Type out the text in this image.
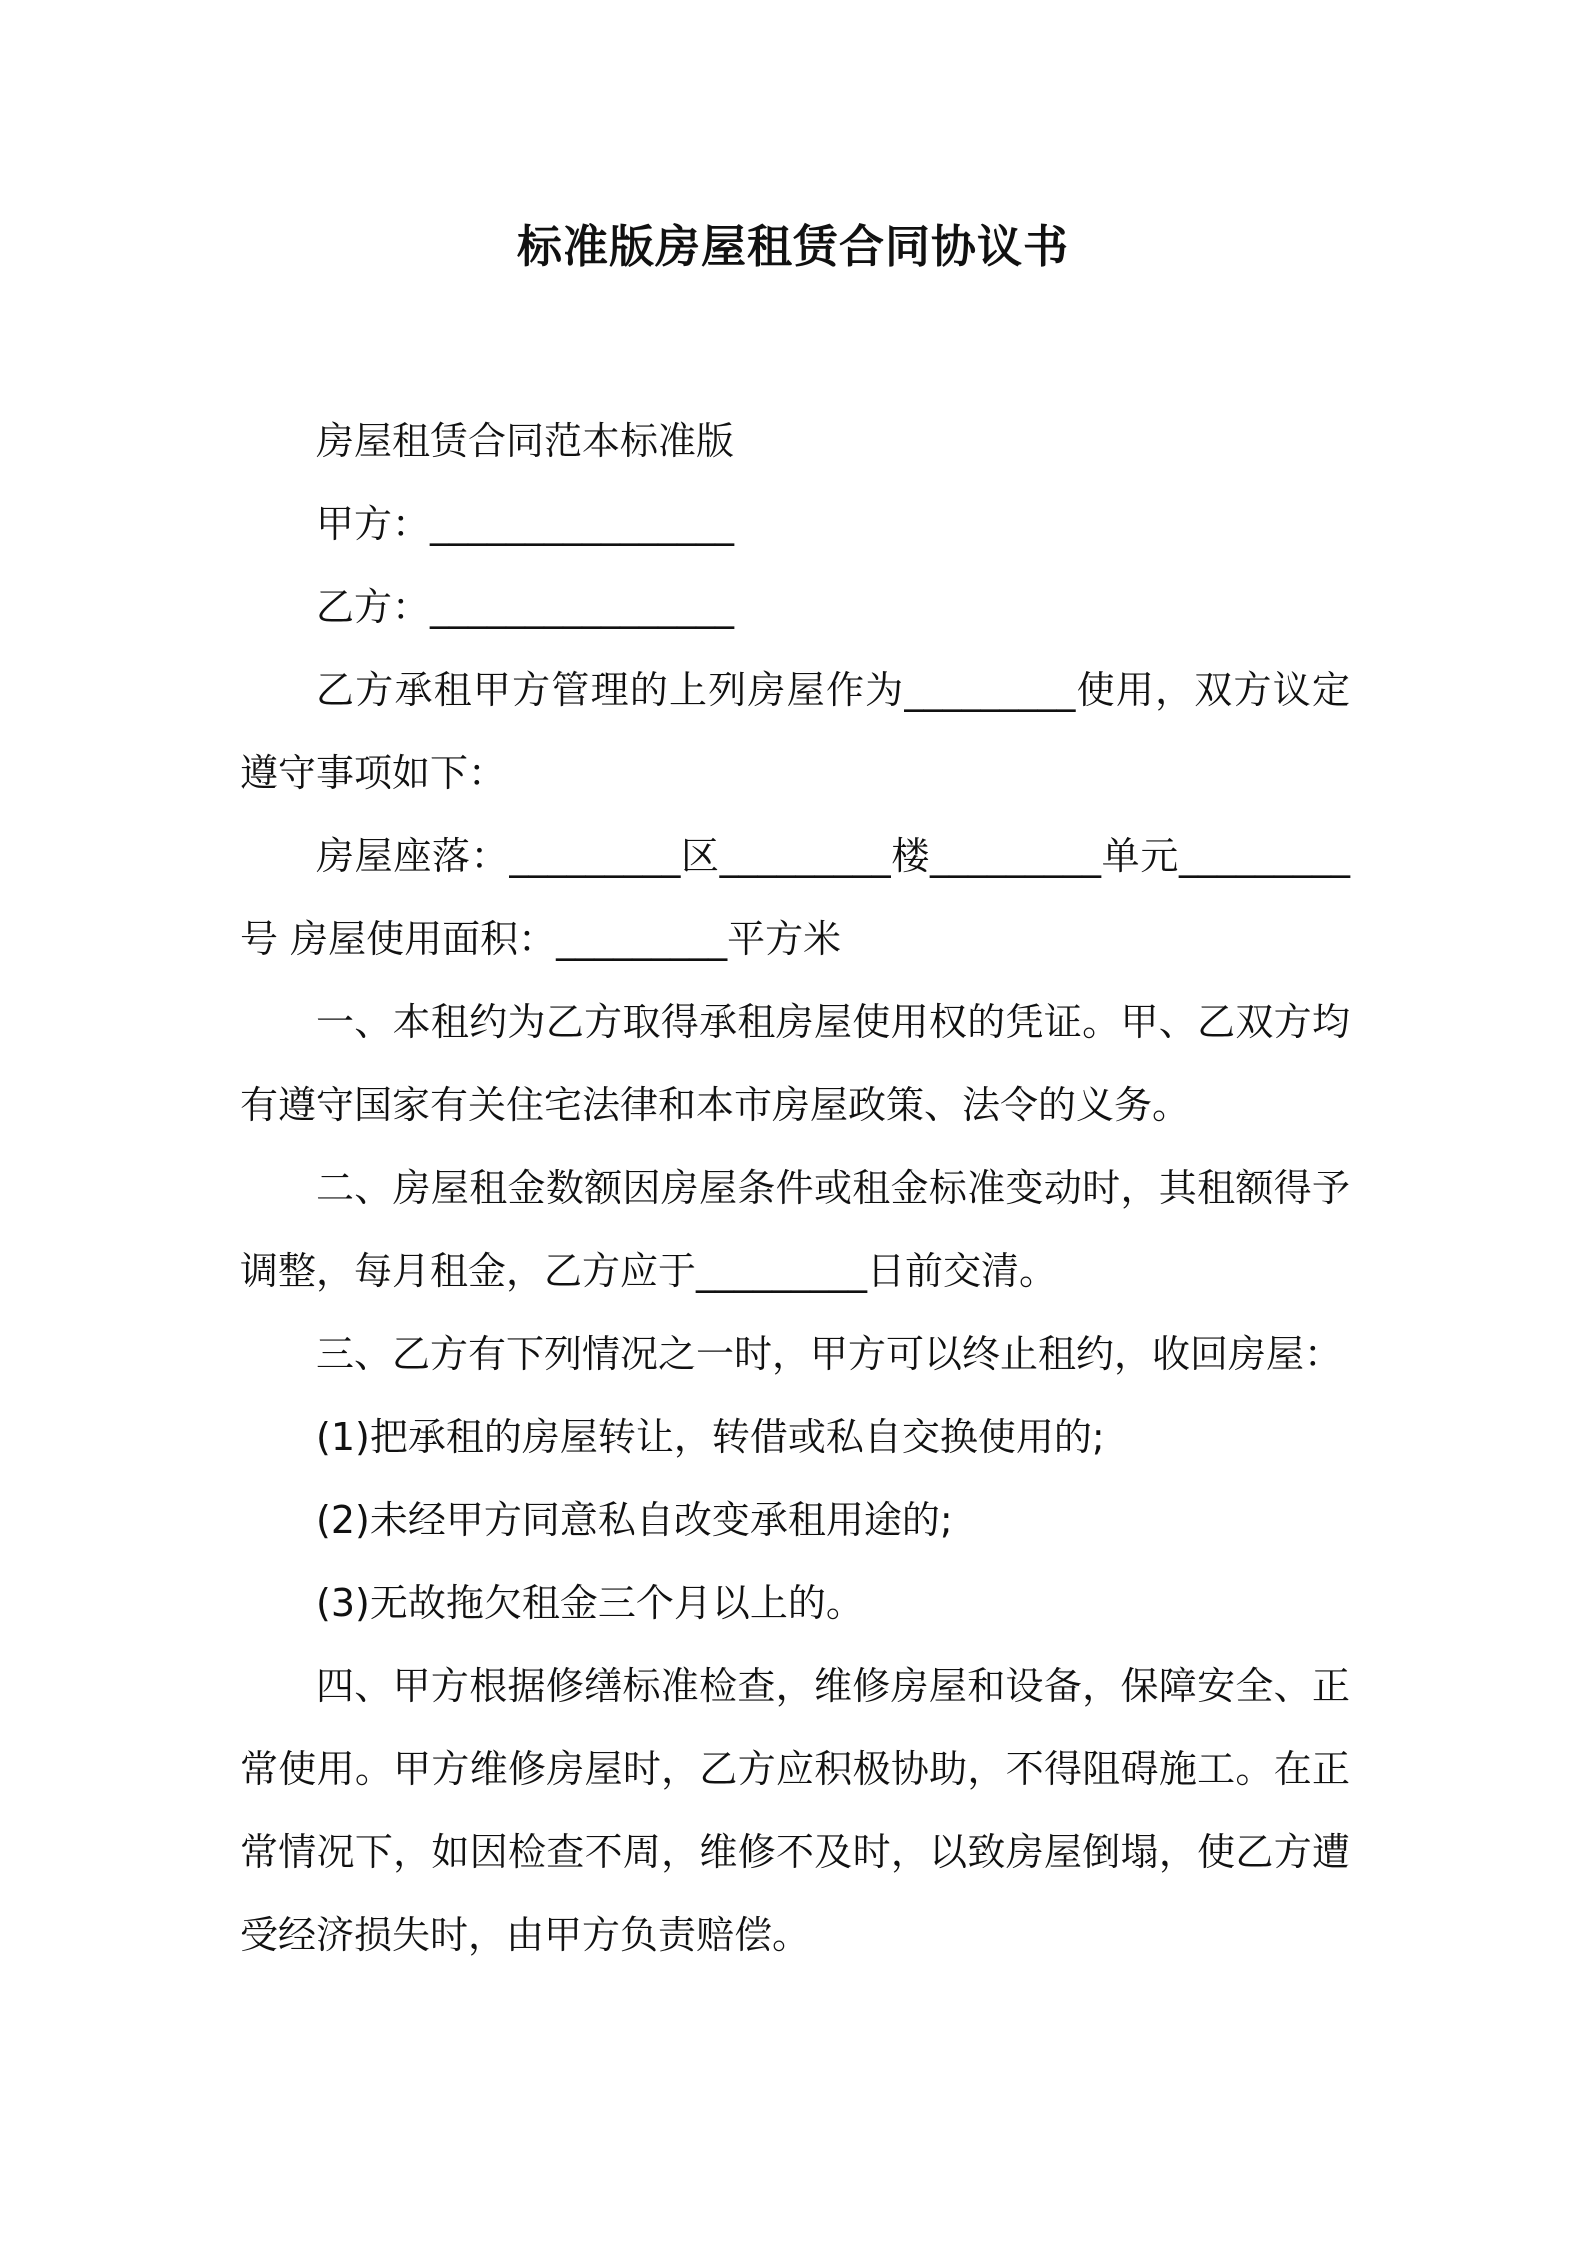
标准版房屋租赁合同协议书

房屋租赁合同范本标准版

甲方：________________

乙方：________________

乙方承租甲方管理的上列房屋作为_________使用，双方议定遵守事项如下：

房屋座落：_________区_________楼_________单元_________号 房屋使用面积：_________平方米

一、本租约为乙方取得承租房屋使用权的凭证。甲、乙双方均有遵守国家有关住宅法律和本市房屋政策、法令的义务。

二、房屋租金数额因房屋条件或租金标准变动时，其租额得予调整，每月租金，乙方应于_________日前交清。

三、乙方有下列情况之一时，甲方可以终止租约，收回房屋：

(1)把承租的房屋转让，转借或私自交换使用的;

(2)未经甲方同意私自改变承租用途的;

(3)无故拖欠租金三个月以上的。

四、甲方根据修缮标准检查，维修房屋和设备，保障安全、正常使用。甲方维修房屋时，乙方应积极协助，不得阻碍施工。在正常情况下，如因检查不周，维修不及时，以致房屋倒塌，使乙方遭受经济损失时，由甲方负责赔偿。
